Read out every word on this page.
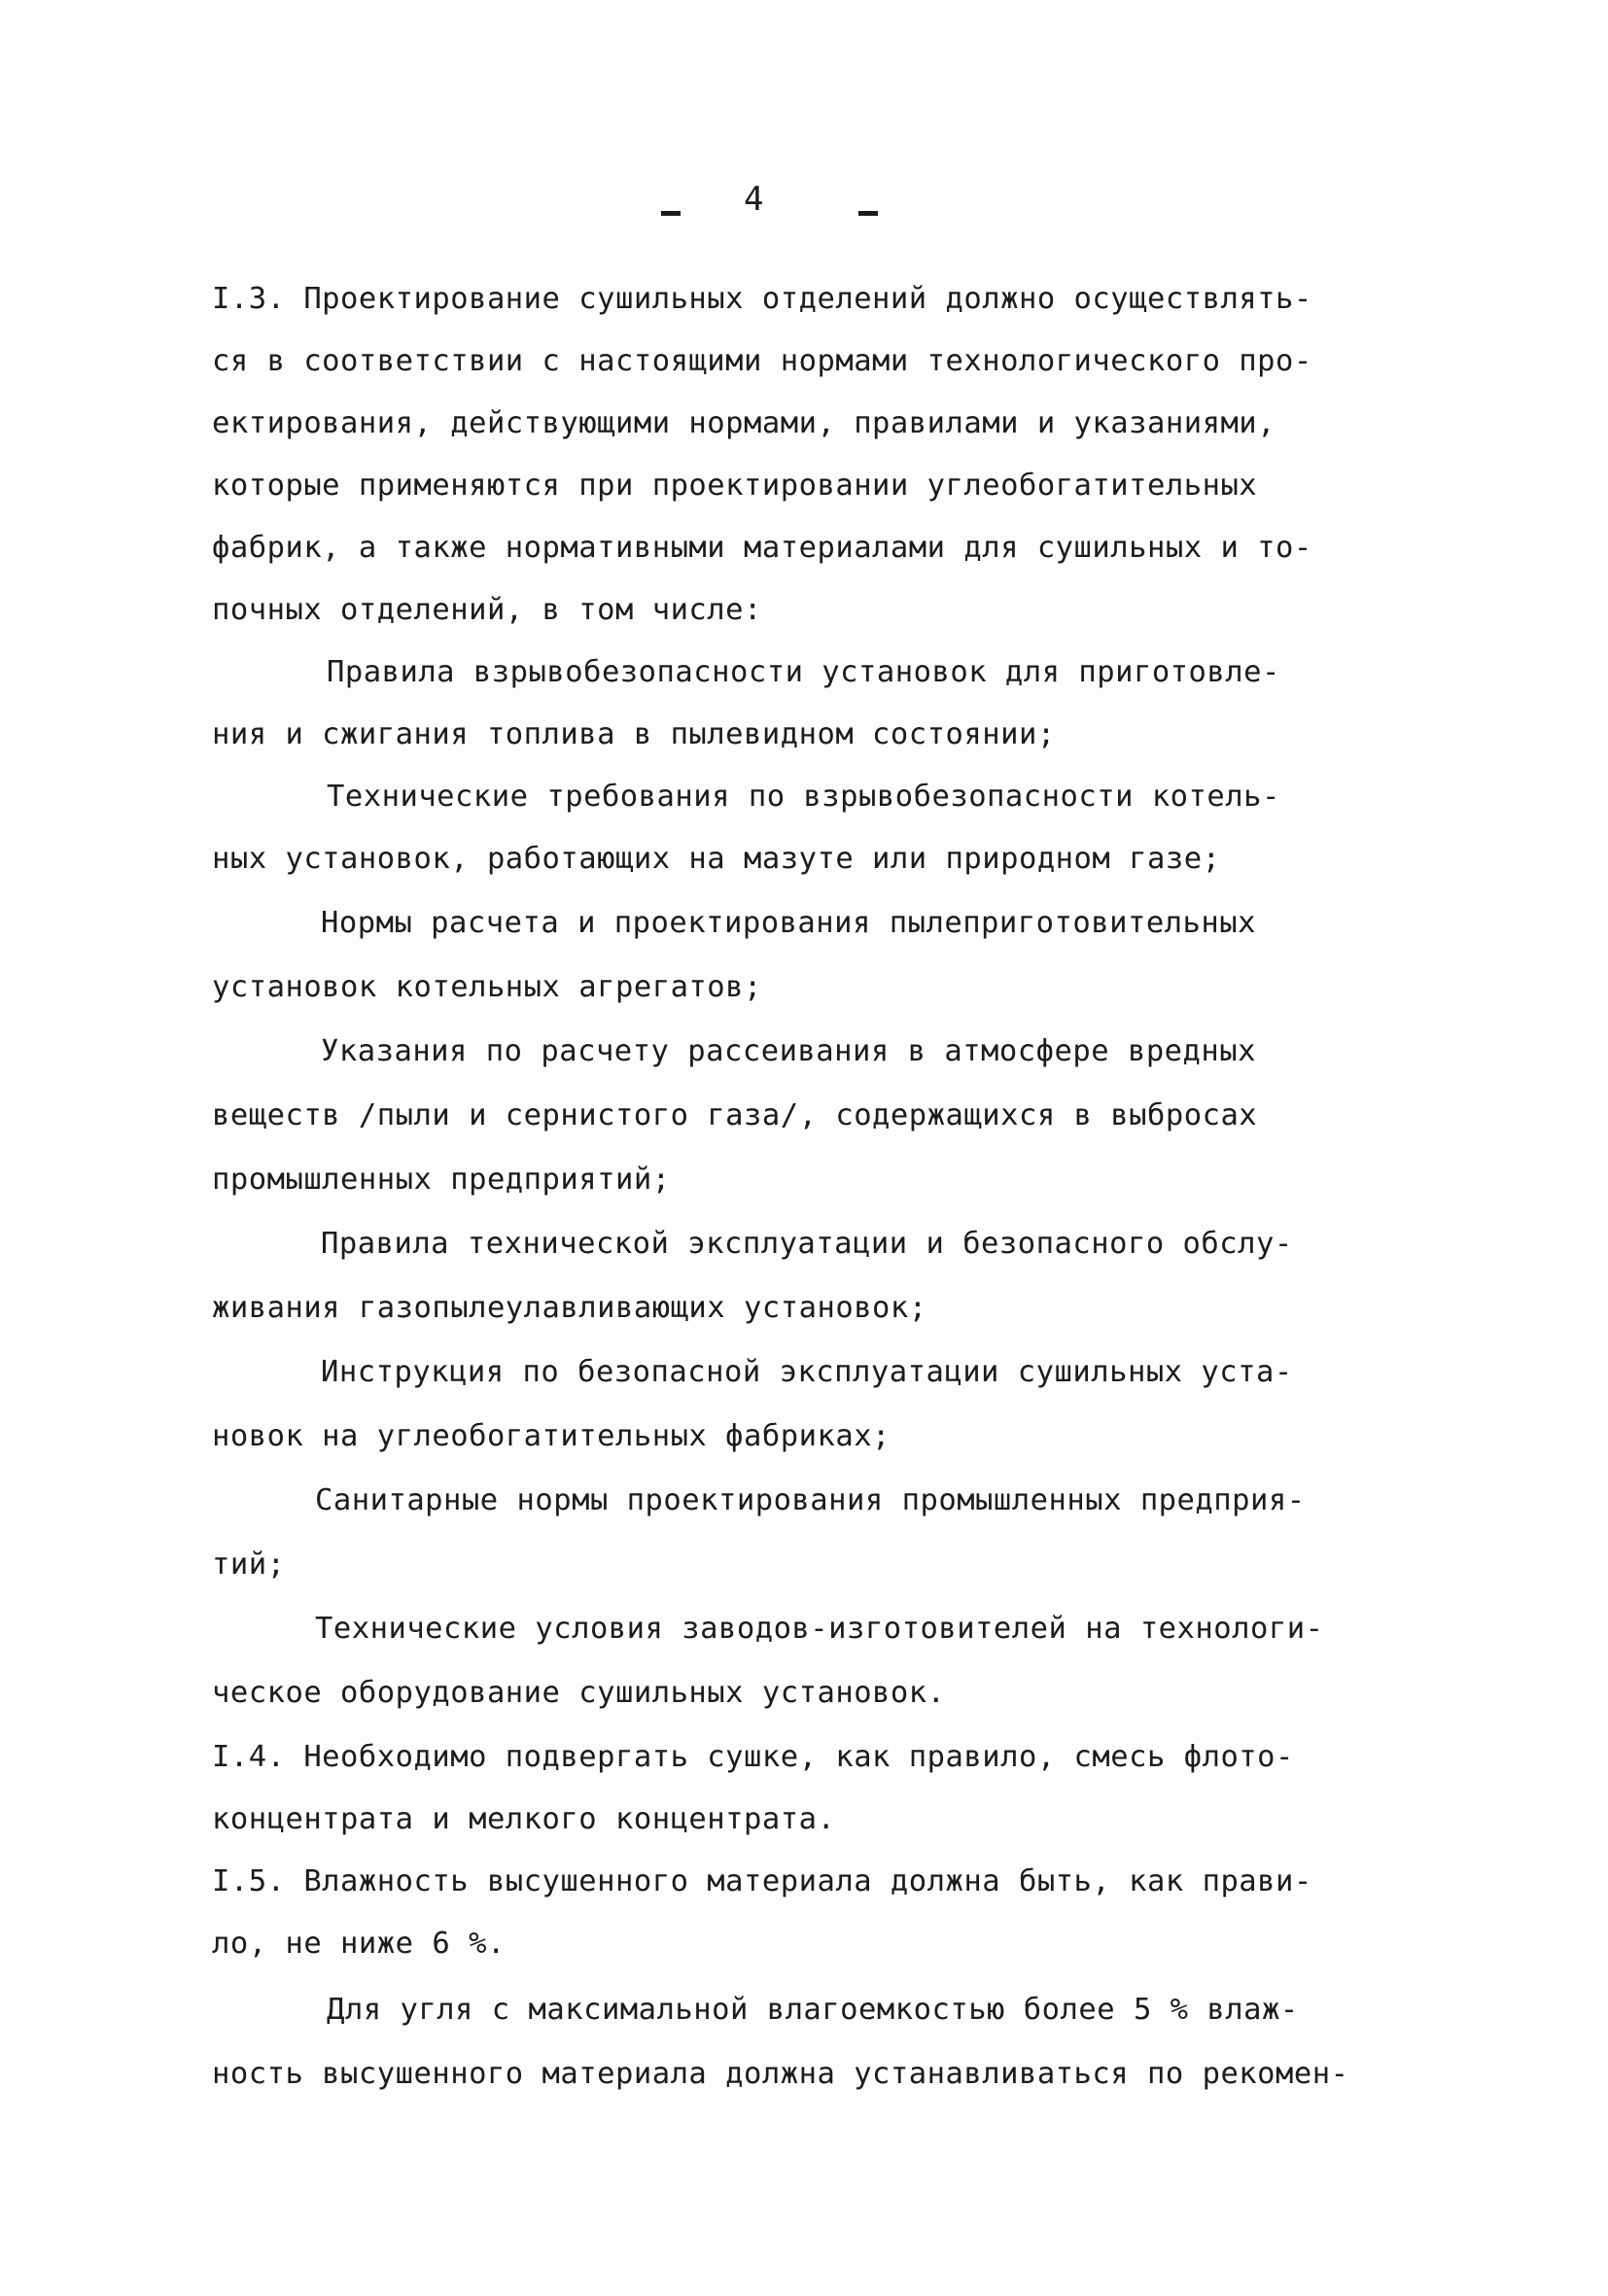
4
I.3. Проектирование сушильных отделений должно осуществлять-
ся в соответствии с настоящими нормами технологического про-
ектирования, действующими нормами, правилами и указаниями,
которые применяются при проектировании углеобогатительных
фабрик, а также нормативными материалами для сушильных и то-
почных отделений, в том числе:
Правила взрывобезопасности установок для приготовле-
ния и сжигания топлива в пылевидном состоянии;
Технические требования по взрывобезопасности котель-
ных установок, работающих на мазуте или природном газе;
Нормы расчета и проектирования пылеприготовительных
установок котельных агрегатов;
Указания по расчету рассеивания в атмосфере вредных
веществ /пыли и сернистого газа/, содержащихся в выбросах
промышленных предприятий;
Правила технической эксплуатации и безопасного обслу-
живания газопылеулавливающих установок;
Инструкция по безопасной эксплуатации сушильных уста-
новок на углеобогатительных фабриках;
Санитарные нормы проектирования промышленных предприя-
тий;
Технические условия заводов-изготовителей на технологи-
ческое оборудование сушильных установок.
I.4. Необходимо подвергать сушке, как правило, смесь флото-
концентрата и мелкого концентрата.
I.5. Влажность высушенного материала должна быть, как прави-
ло, не ниже 6 %.
Для угля с максимальной влагоемкостью более 5 % влаж-
ность высушенного материала должна устанавливаться по рекомен-
